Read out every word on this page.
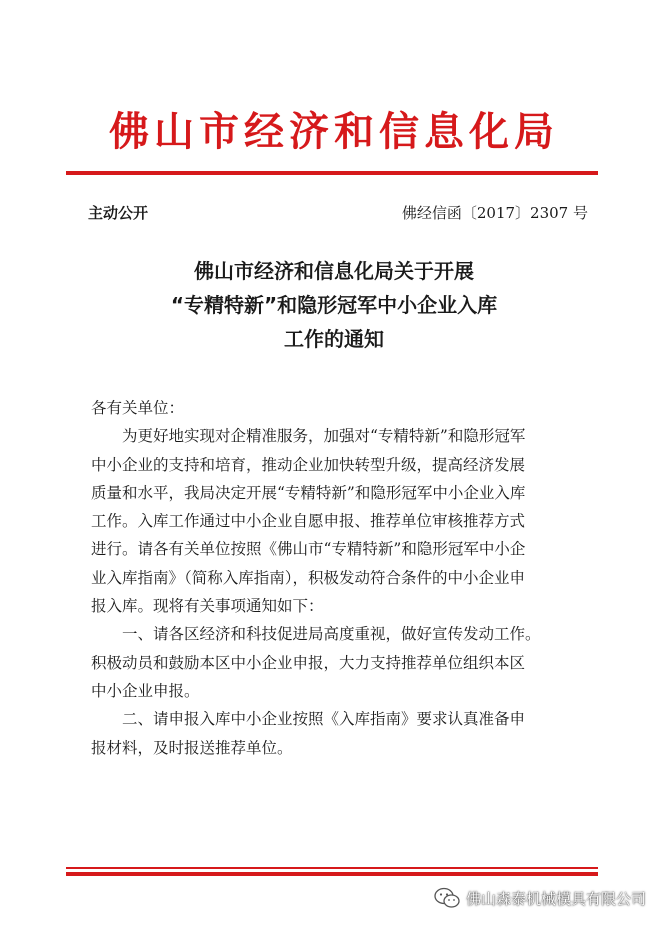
佛山市经济和信息化局
主动公开	佛经信函〔2017〕2307 号
佛山市经济和信息化局关于开展
“专精特新”和隐形冠军中小企业入库
工作的通知
各有关单位：
　　为更好地实现对企精准服务，加强对“专精特新”和隐形冠军
中小企业的支持和培育，推动企业加快转型升级，提高经济发展
质量和水平，我局决定开展“专精特新”和隐形冠军中小企业入库
工作。入库工作通过中小企业自愿申报、推荐单位审核推荐方式
进行。请各有关单位按照《佛山市“专精特新”和隐形冠军中小企
业入库指南》（简称入库指南），积极发动符合条件的中小企业申
报入库。现将有关事项通知如下：
　　一、请各区经济和科技促进局高度重视，做好宣传发动工作。
积极动员和鼓励本区中小企业申报，大力支持推荐单位组织本区
中小企业申报。
　　二、请申报入库中小企业按照《入库指南》要求认真准备申
报材料，及时报送推荐单位。
佛山森泰机械模具有限公司
